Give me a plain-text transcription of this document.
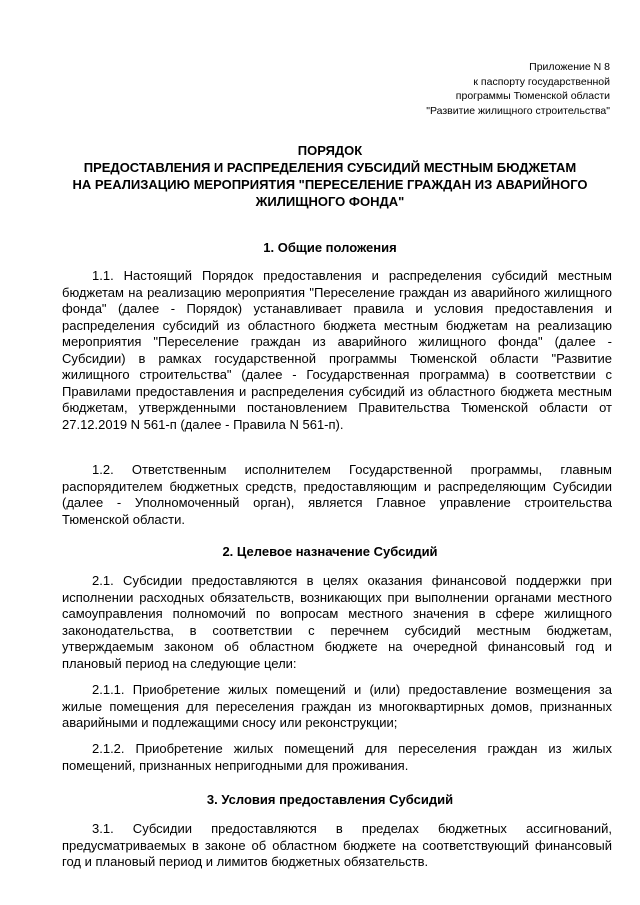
Приложение N 8
к паспорту государственной
программы Тюменской области
"Развитие жилищного строительства"
ПОРЯДОК
ПРЕДОСТАВЛЕНИЯ И РАСПРЕДЕЛЕНИЯ СУБСИДИЙ МЕСТНЫМ БЮДЖЕТАМ
НА РЕАЛИЗАЦИЮ МЕРОПРИЯТИЯ "ПЕРЕСЕЛЕНИЕ ГРАЖДАН ИЗ АВАРИЙНОГО
ЖИЛИЩНОГО ФОНДА"
1. Общие положения

1.1. Настоящий Порядок предоставления и распределения субсидий местным бюджетам на реализацию мероприятия "Переселение граждан из аварийного жилищного фонда" (далее - Порядок) устанавливает правила и условия предоставления и распределения субсидий из областного бюджета местным бюджетам на реализацию мероприятия "Переселение граждан из аварийного жилищного фонда" (далее - Субсидии) в рамках государственной программы Тюменской области "Развитие жилищного строительства" (далее - Государственная программа) в соответствии с Правилами предоставления и распределения субсидий из областного бюджета местным бюджетам, утвержденными постановлением Правительства Тюменской области от 27.12.2019 N 561-п (далее - Правила N 561-п).

1.2. Ответственным исполнителем Государственной программы, главным распорядителем бюджетных средств, предоставляющим и распределяющим Субсидии (далее - Уполномоченный орган), является Главное управление строительства Тюменской области.

2. Целевое назначение Субсидий

2.1. Субсидии предоставляются в целях оказания финансовой поддержки при исполнении расходных обязательств, возникающих при выполнении органами местного самоуправления полномочий по вопросам местного значения в сфере жилищного законодательства, в соответствии с перечнем субсидий местным бюджетам, утверждаемым законом об областном бюджете на очередной финансовый год и плановый период на следующие цели:

2.1.1. Приобретение жилых помещений и (или) предоставление возмещения за жилые помещения для переселения граждан из многоквартирных домов, признанных аварийными и подлежащими сносу или реконструкции;

2.1.2. Приобретение жилых помещений для переселения граждан из жилых помещений, признанных непригодными для проживания.

3. Условия предоставления Субсидий

3.1. Субсидии предоставляются в пределах бюджетных ассигнований, предусматриваемых в законе об областном бюджете на соответствующий финансовый год и плановый период и лимитов бюджетных обязательств.
